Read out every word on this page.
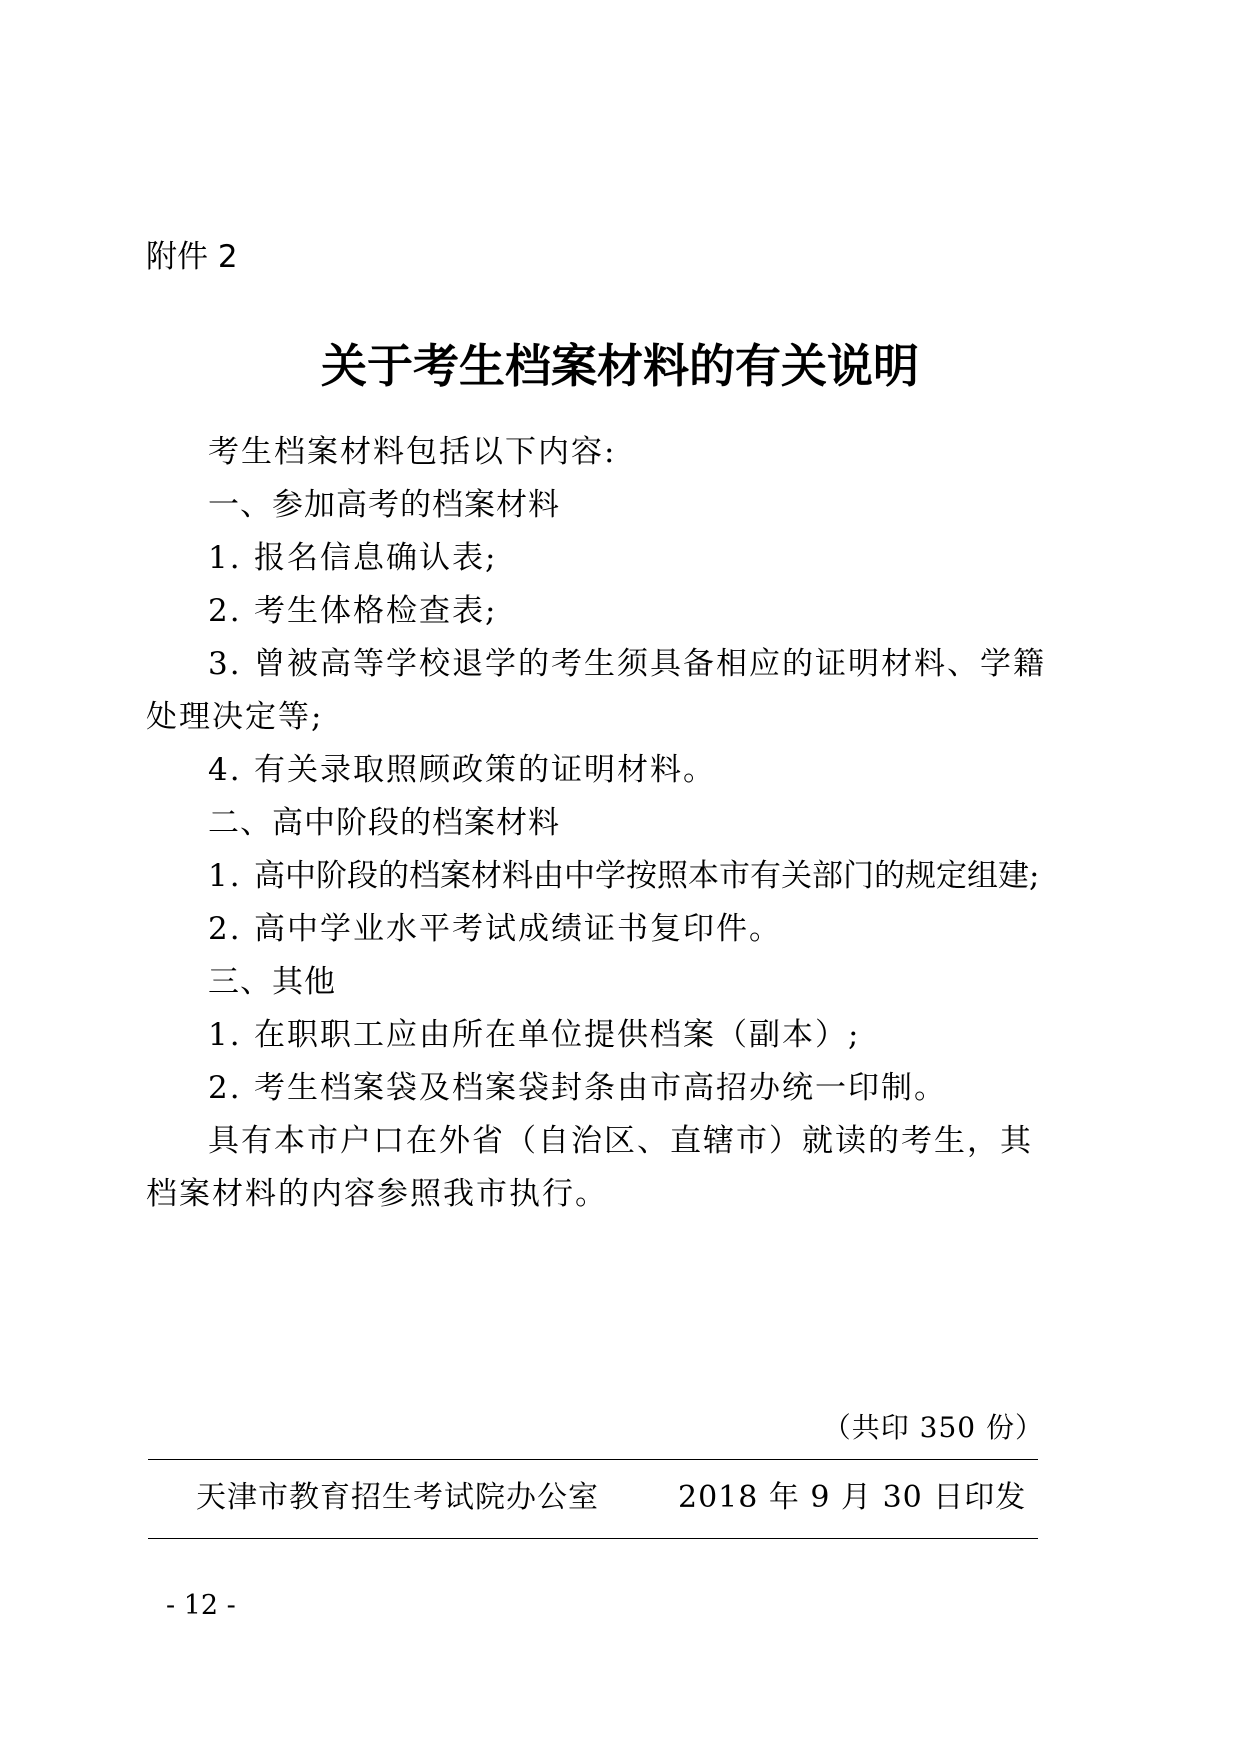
附件 2
关于考生档案材料的有关说明
考生档案材料包括以下内容:
一、参加高考的档案材料
1. 报名信息确认表;
2. 考生体格检查表;
3. 曾被高等学校退学的考生须具备相应的证明材料、学籍
处理决定等;
4. 有关录取照顾政策的证明材料。
二、高中阶段的档案材料
1. 高中阶段的档案材料由中学按照本市有关部门的规定组建;
2. 高中学业水平考试成绩证书复印件。
三、其他
1. 在职职工应由所在单位提供档案（副本）;
2. 考生档案袋及档案袋封条由市高招办统一印制。
具有本市户口在外省（自治区、直辖市）就读的考生，其
档案材料的内容参照我市执行。
（共印 350 份）
天津市教育招生考试院办公室	2018 年 9 月 30 日印发
- 12 -
